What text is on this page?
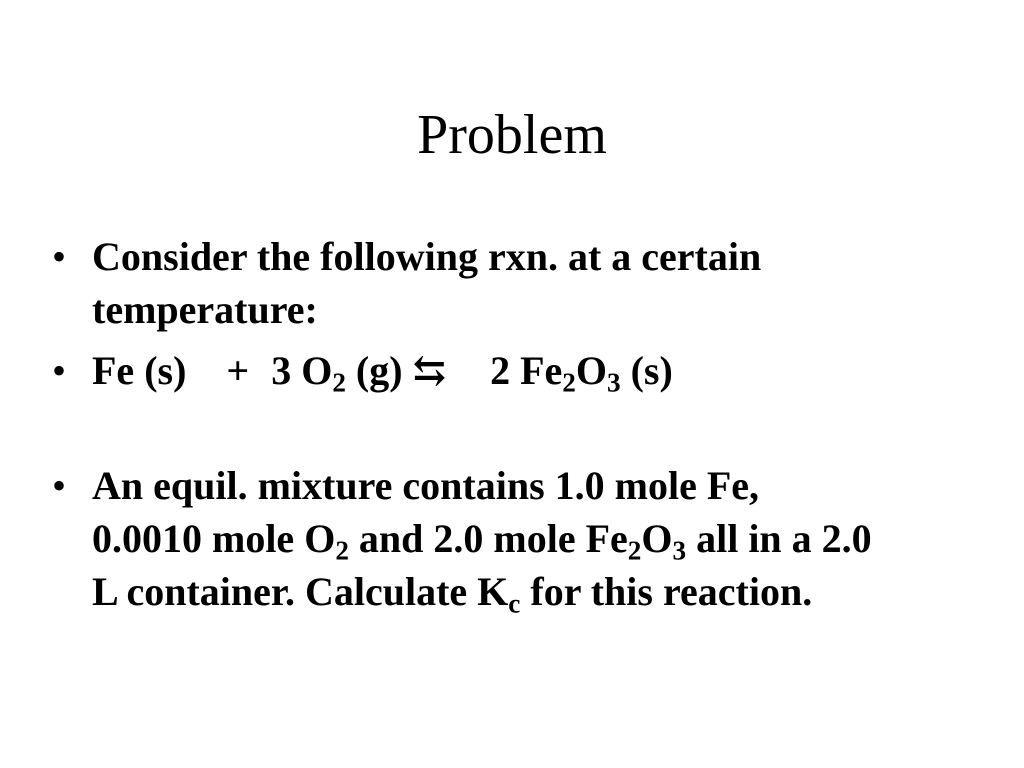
Problem
• Consider the following rxn. at a certain
temperature:
• Fe (s) + 3 $O_2$ (g) ⇆ 2 $Fe_2O_3$ (s)
• An equil. mixture contains 1.0 mole Fe,
0.0010 mole $O_2$ and 2.0 mole $Fe_2O_3$ all in a 2.0
L container. Calculate $K_c$ for this reaction.
